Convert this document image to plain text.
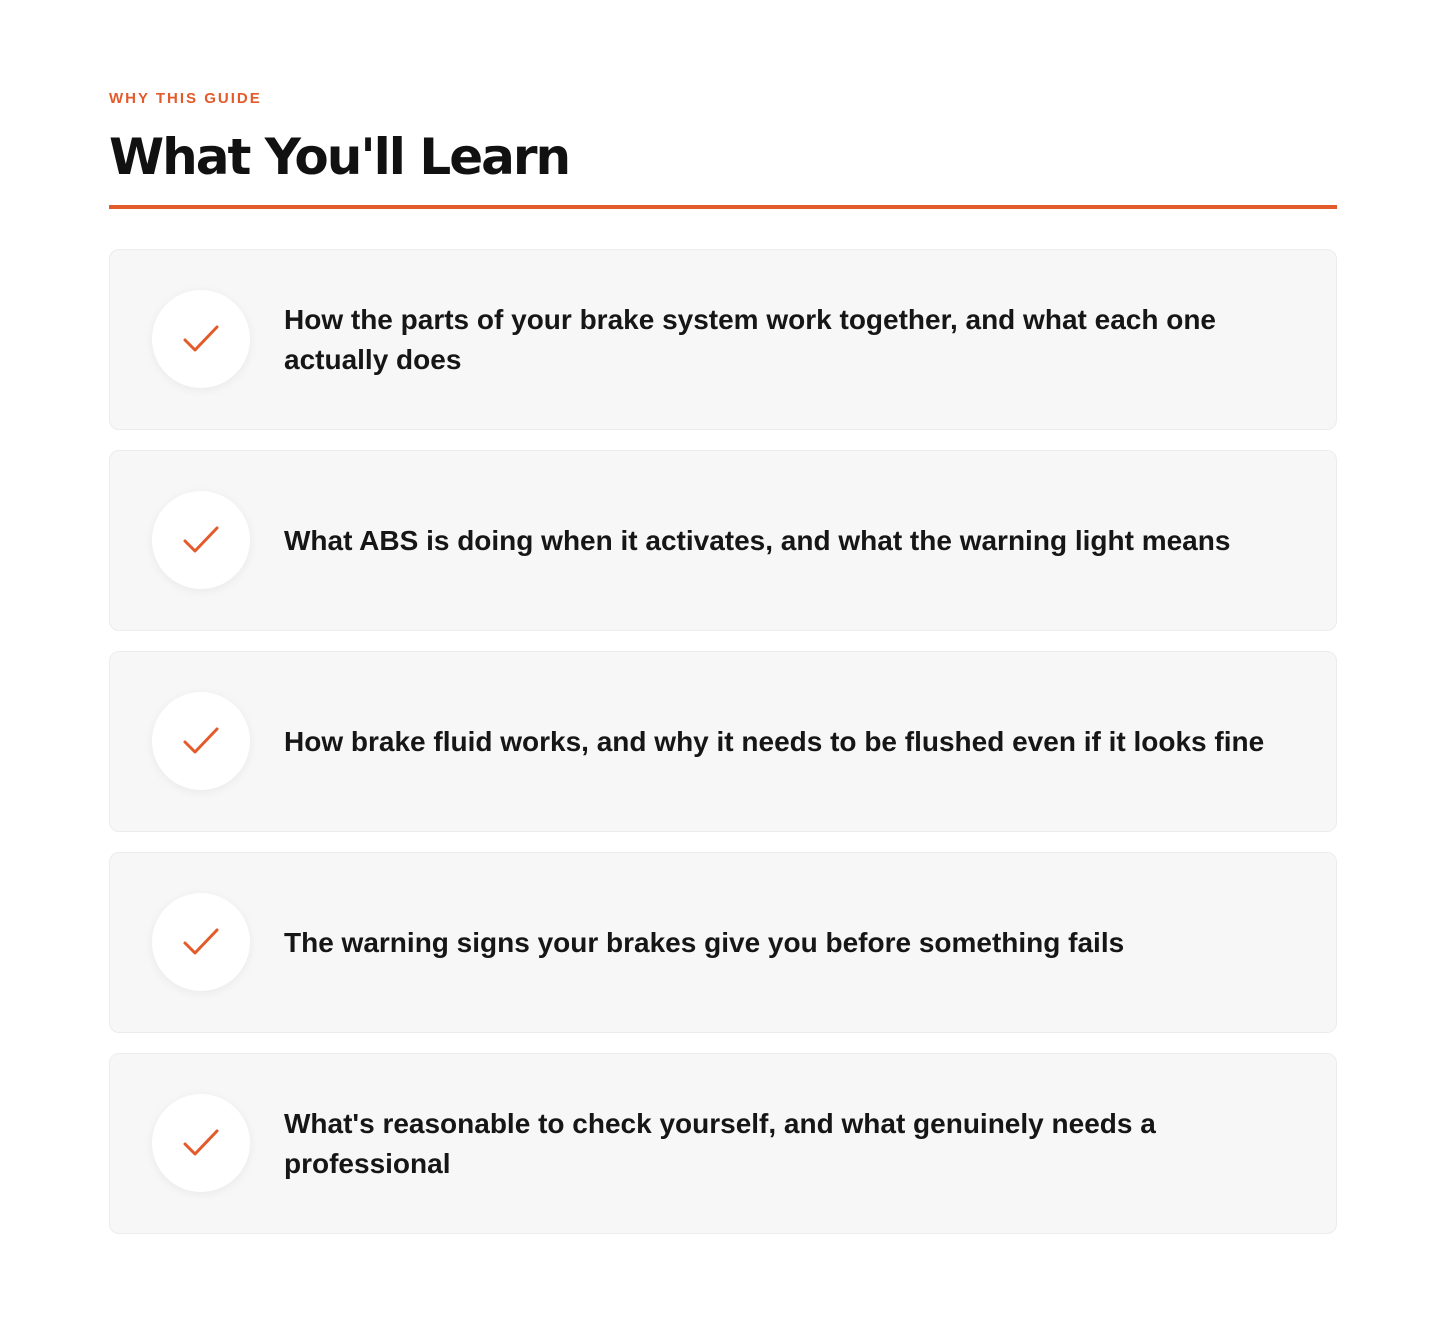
WHY THIS GUIDE
What You'll Learn
How the parts of your brake system work together, and what each one actually does
What ABS is doing when it activates, and what the warning light means
How brake fluid works, and why it needs to be flushed even if it looks fine
The warning signs your brakes give you before something fails
What's reasonable to check yourself, and what genuinely needs a professional
